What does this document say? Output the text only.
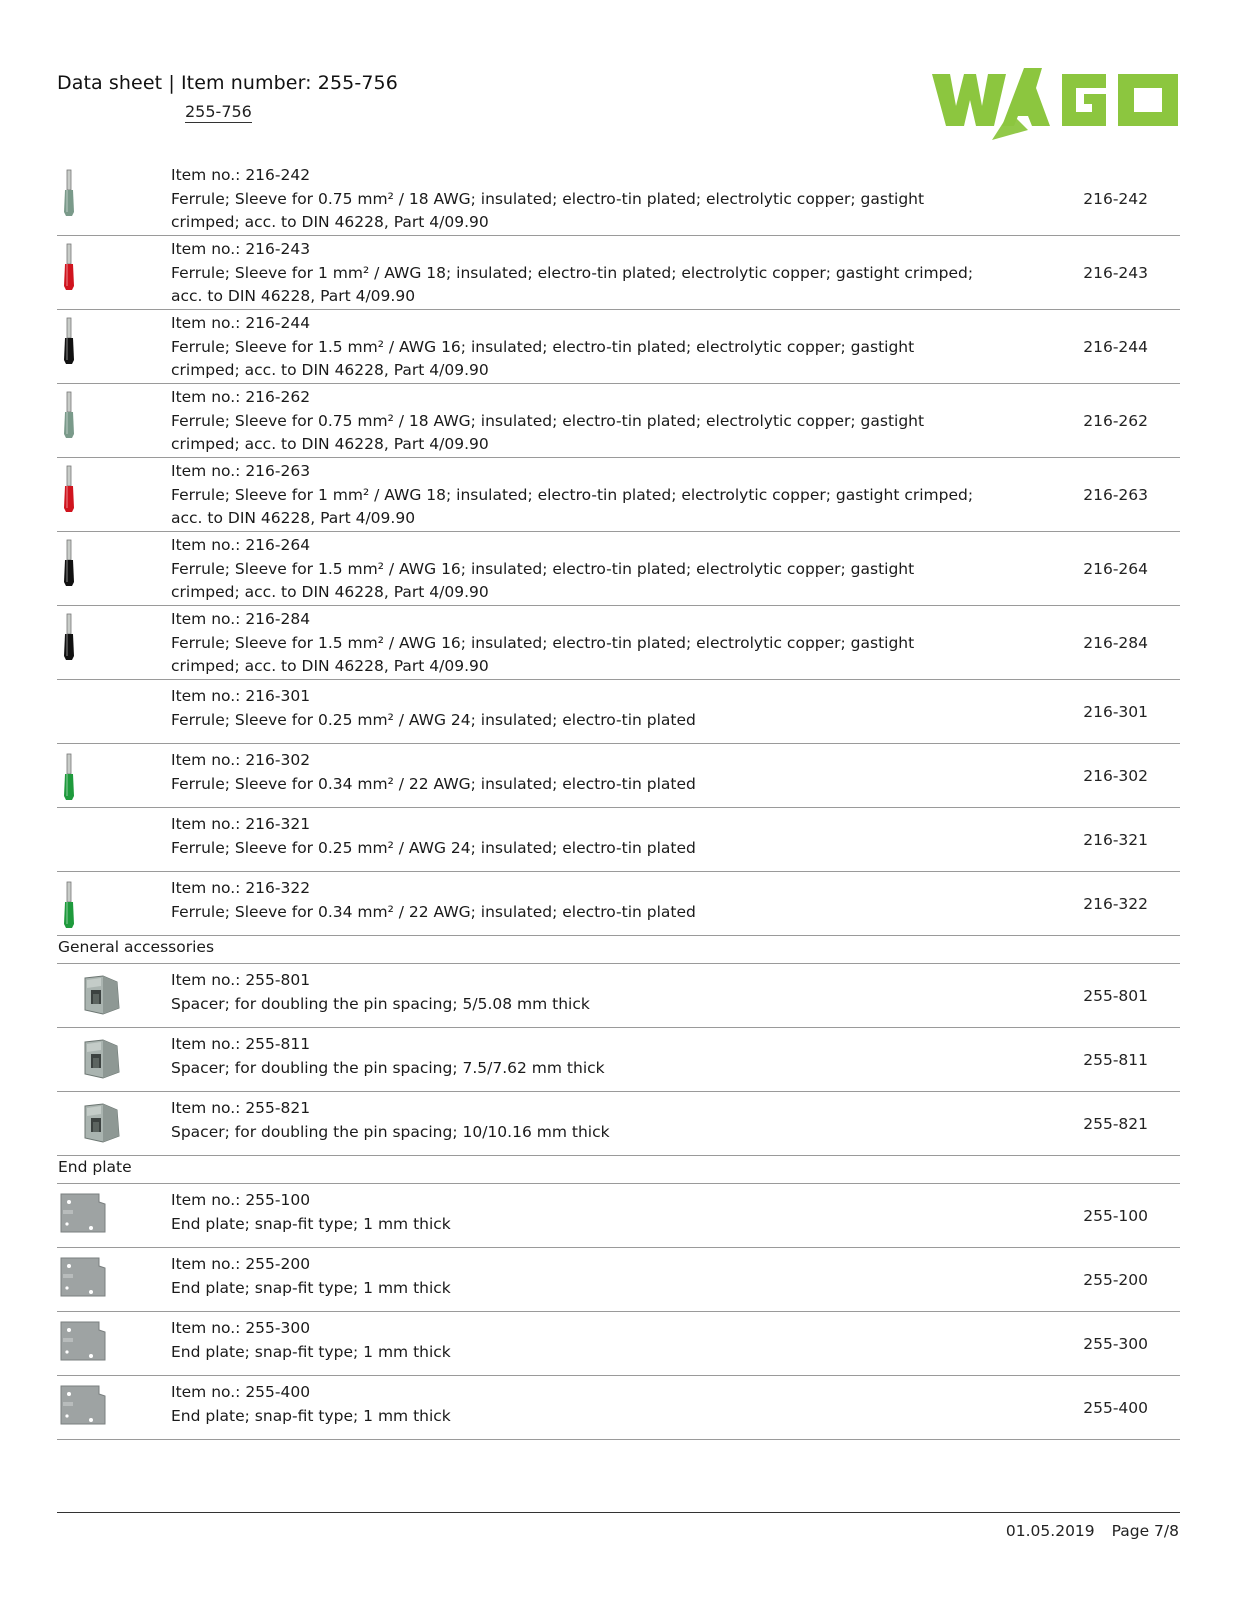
Data sheet | Item number: 255-756
255-756
Item no.: 216-242
Ferrule; Sleeve for 0.75 mm² / 18 AWG; insulated; electro-tin plated; electrolytic copper; gastight crimped; acc. to DIN 46228, Part 4/09.90
216-242
Item no.: 216-243
Ferrule; Sleeve for 1 mm² / AWG 18; insulated; electro-tin plated; electrolytic copper; gastight crimped; acc. to DIN 46228, Part 4/09.90
216-243
Item no.: 216-244
Ferrule; Sleeve for 1.5 mm² / AWG 16; insulated; electro-tin plated; electrolytic copper; gastight crimped; acc. to DIN 46228, Part 4/09.90
216-244
Item no.: 216-262
Ferrule; Sleeve for 0.75 mm² / 18 AWG; insulated; electro-tin plated; electrolytic copper; gastight crimped; acc. to DIN 46228, Part 4/09.90
216-262
Item no.: 216-263
Ferrule; Sleeve for 1 mm² / AWG 18; insulated; electro-tin plated; electrolytic copper; gastight crimped; acc. to DIN 46228, Part 4/09.90
216-263
Item no.: 216-264
Ferrule; Sleeve for 1.5 mm² / AWG 16; insulated; electro-tin plated; electrolytic copper; gastight crimped; acc. to DIN 46228, Part 4/09.90
216-264
Item no.: 216-284
Ferrule; Sleeve for 1.5 mm² / AWG 16; insulated; electro-tin plated; electrolytic copper; gastight crimped; acc. to DIN 46228, Part 4/09.90
216-284
Item no.: 216-301
Ferrule; Sleeve for 0.25 mm² / AWG 24; insulated; electro-tin plated	216-301
Item no.: 216-302
Ferrule; Sleeve for 0.34 mm² / 22 AWG; insulated; electro-tin plated	216-302
Item no.: 216-321
Ferrule; Sleeve for 0.25 mm² / AWG 24; insulated; electro-tin plated	216-321
Item no.: 216-322
Ferrule; Sleeve for 0.34 mm² / 22 AWG; insulated; electro-tin plated	216-322
General accessories
Item no.: 255-801
Spacer; for doubling the pin spacing; 5/5.08 mm thick	255-801
Item no.: 255-811
Spacer; for doubling the pin spacing; 7.5/7.62 mm thick	255-811
Item no.: 255-821
Spacer; for doubling the pin spacing; 10/10.16 mm thick	255-821
End plate
Item no.: 255-100
End plate; snap-fit type; 1 mm thick	255-100
Item no.: 255-200
End plate; snap-fit type; 1 mm thick	255-200
Item no.: 255-300
End plate; snap-fit type; 1 mm thick	255-300
Item no.: 255-400
End plate; snap-fit type; 1 mm thick	255-400
01.05.2019 Page 7/8
